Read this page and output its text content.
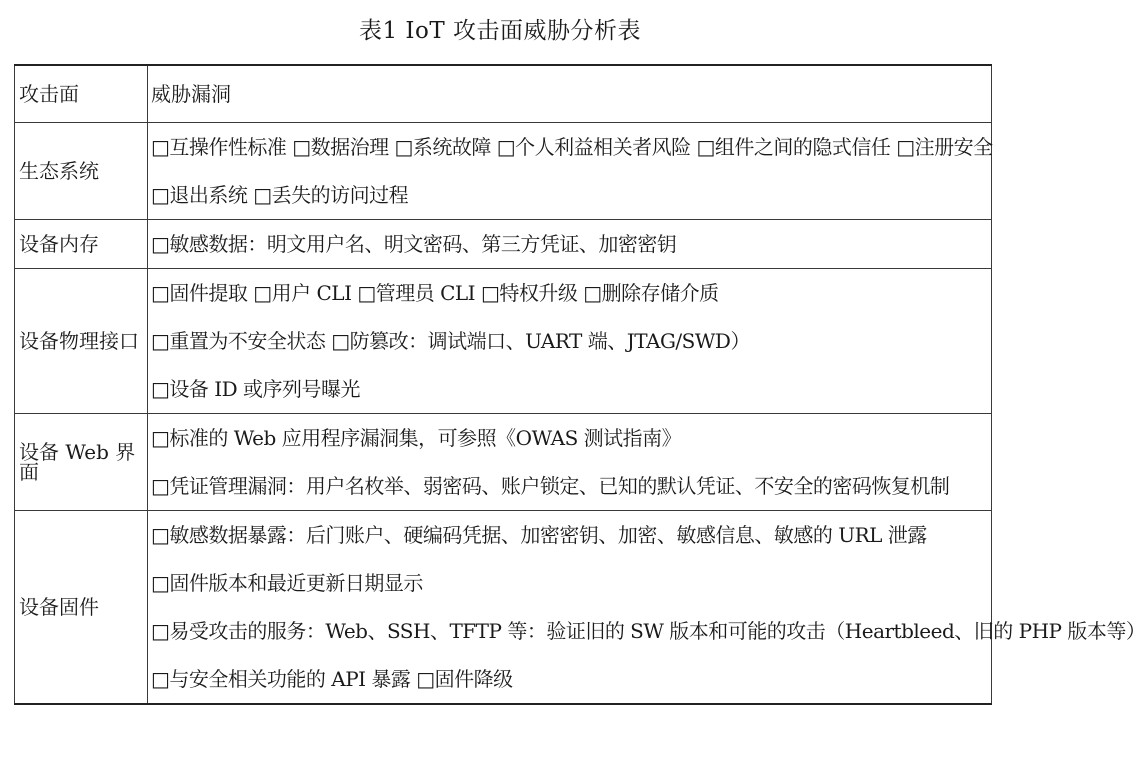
表1 IoT 攻击面威胁分析表
攻击面	威胁漏洞

生态系统	□互操作性标准 □数据治理 □系统故障 □个人利益相关者风险 □组件之间的隐式信任 □注册安全
□退出系统 □丢失的访问过程

设备内存	□敏感数据：明文用户名、明文密码、第三方凭证、加密密钥

设备物理接口	□固件提取 □用户 CLI □管理员 CLI □特权升级 □删除存储介质
□重置为不安全状态 □防篡改：调试端口、UART 端、JTAG/SWD）
□设备 ID 或序列号曝光

设备 Web 界面	□标准的 Web 应用程序漏洞集，可参照《OWAS 测试指南》
□凭证管理漏洞：用户名枚举、弱密码、账户锁定、已知的默认凭证、不安全的密码恢复机制

设备固件	□敏感数据暴露：后门账户、硬编码凭据、加密密钥、加密、敏感信息、敏感的 URL 泄露
□固件版本和最近更新日期显示
□易受攻击的服务：Web、SSH、TFTP 等：验证旧的 SW 版本和可能的攻击（Heartbleed、旧的 PHP 版本等）
□与安全相关功能的 API 暴露 □固件降级
